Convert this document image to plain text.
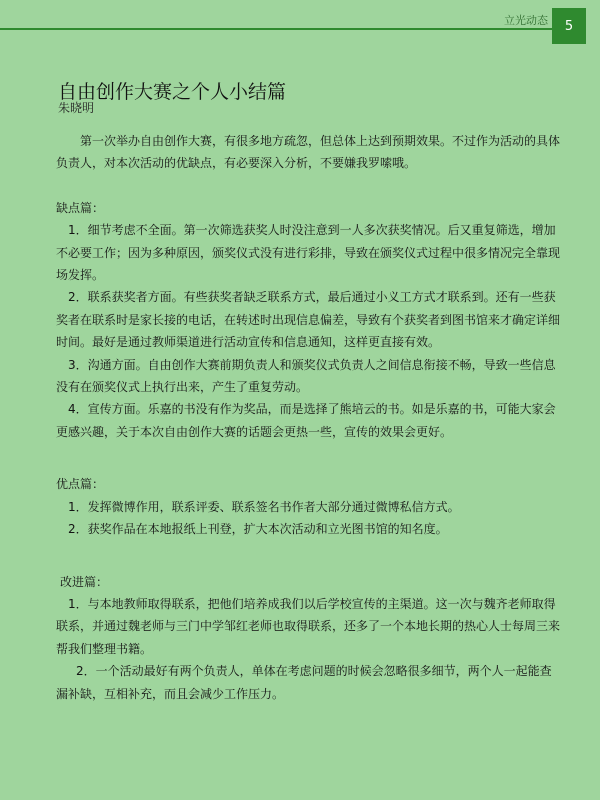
立光动态	5
自由创作大赛之个人小结篇
朱晓明

第一次举办自由创作大赛，有很多地方疏忽，但总体上达到预期效果。不过作为活动的具体负责人，对本次活动的优缺点，有必要深入分析，不要嫌我罗嗦哦。

缺点篇：

1．细节考虑不全面。第一次筛选获奖人时没注意到一人多次获奖情况。后又重复筛选，增加不必要工作；因为多种原因，颁奖仪式没有进行彩排，导致在颁奖仪式过程中很多情况完全靠现场发挥。

2．联系获奖者方面。有些获奖者缺乏联系方式，最后通过小义工方式才联系到。还有一些获奖者在联系时是家长接的电话，在转述时出现信息偏差，导致有个获奖者到图书馆来才确定详细时间。最好是通过教师渠道进行活动宣传和信息通知，这样更直接有效。

3．沟通方面。自由创作大赛前期负责人和颁奖仪式负责人之间信息衔接不畅，导致一些信息没有在颁奖仪式上执行出来，产生了重复劳动。

4．宣传方面。乐嘉的书没有作为奖品，而是选择了熊培云的书。如是乐嘉的书，可能大家会更感兴趣，关于本次自由创作大赛的话题会更热一些，宣传的效果会更好。

优点篇：

1．发挥微博作用，联系评委、联系签名书作者大部分通过微博私信方式。

2．获奖作品在本地报纸上刊登，扩大本次活动和立光图书馆的知名度。

改进篇：

1．与本地教师取得联系，把他们培养成我们以后学校宣传的主渠道。这一次与魏齐老师取得联系，并通过魏老师与三门中学邹红老师也取得联系，还多了一个本地长期的热心人士每周三来帮我们整理书籍。

2．一个活动最好有两个负责人，单体在考虑问题的时候会忽略很多细节，两个人一起能查漏补缺，互相补充，而且会减少工作压力。
